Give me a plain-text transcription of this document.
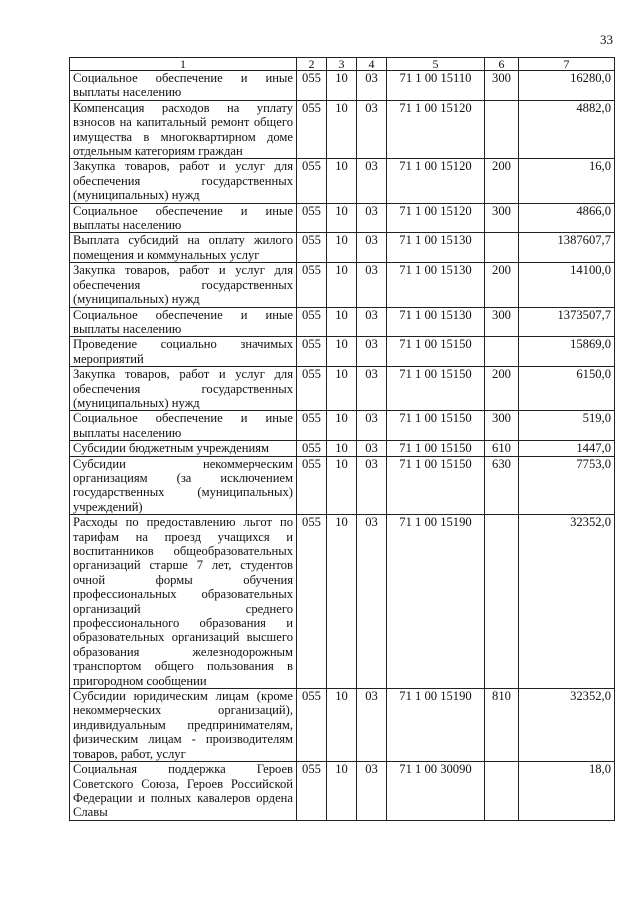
33
1	2	3	4	5	6	7
Социальное обеспечение и иные выплаты населению	055	10	03	71 1 00 15110	300	16280,0
Компенсация расходов на уплату взносов на капитальный ремонт общего имущества в многоквартирном доме отдельным категориям граждан	055	10	03	71 1 00 15120		4882,0
Закупка товаров, работ и услуг для обеспечения государственных (муниципальных) нужд	055	10	03	71 1 00 15120	200	16,0
Социальное обеспечение и иные выплаты населению	055	10	03	71 1 00 15120	300	4866,0
Выплата субсидий на оплату жилого помещения и коммунальных услуг	055	10	03	71 1 00 15130		1387607,7
Закупка товаров, работ и услуг для обеспечения государственных (муниципальных) нужд	055	10	03	71 1 00 15130	200	14100,0
Социальное обеспечение и иные выплаты населению	055	10	03	71 1 00 15130	300	1373507,7
Проведение социально значимых мероприятий	055	10	03	71 1 00 15150		15869,0
Закупка товаров, работ и услуг для обеспечения государственных (муниципальных) нужд	055	10	03	71 1 00 15150	200	6150,0
Социальное обеспечение и иные выплаты населению	055	10	03	71 1 00 15150	300	519,0
Субсидии бюджетным учреждениям	055	10	03	71 1 00 15150	610	1447,0
Субсидии некоммерческим организациям (за исключением государственных (муниципальных) учреждений)	055	10	03	71 1 00 15150	630	7753,0
Расходы по предоставлению льгот по тарифам на проезд учащихся и воспитанников общеобразовательных организаций старше 7 лет, студентов очной формы обучения профессиональных образовательных организаций среднего профессионального образования и образовательных организаций высшего образования железнодорожным транспортом общего пользования в пригородном сообщении	055	10	03	71 1 00 15190		32352,0
Субсидии юридическим лицам (кроме некоммерческих организаций), индивидуальным предпринимателям, физическим лицам - производителям товаров, работ, услуг	055	10	03	71 1 00 15190	810	32352,0
Социальная поддержка Героев Советского Союза, Героев Российской Федерации и полных кавалеров ордена Славы	055	10	03	71 1 00 30090		18,0
